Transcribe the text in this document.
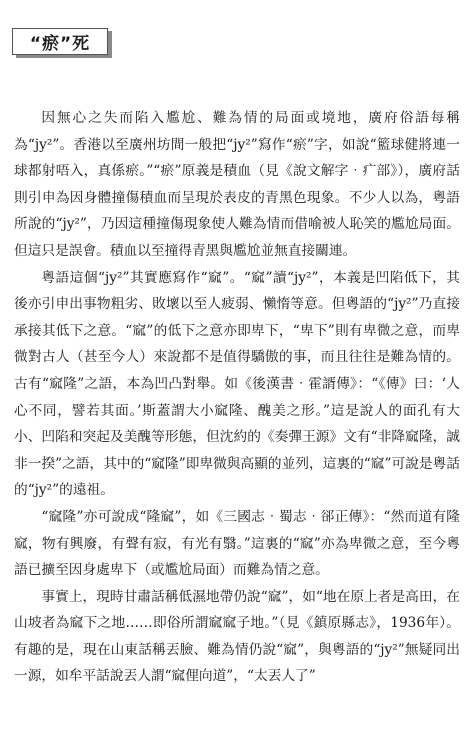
“瘀”死

因無心之失而陷入尷尬、難為情的局面或境地，廣府俗語每稱為“jy²”。香港以至廣州坊間一般把“jy²”寫作“瘀”字，如說“籃球健將連一球都射唔入，真係瘀。”“瘀”原義是積血（見《說文解字‧疒部》），廣府話則引申為因身體撞傷積血而呈現於表皮的青黑色現象。不少人以為，粵語所說的“jy²”，乃因這種撞傷現象使人難為情而借喻被人恥笑的尷尬局面。但這只是誤會。積血以至撞得青黑與尷尬並無直接關連。

粵語這個“jy²”其實應寫作“窳”。“窳”讀“jy²”，本義是凹陷低下，其後亦引申出事物粗劣、敗壞以至人疲弱、懶惰等意。但粵語的“jy²”乃直接承接其低下之意。“窳”的低下之意亦即卑下，“卑下”則有卑微之意，而卑微對古人（甚至今人）來說都不是值得驕傲的事，而且往往是難為情的。古有“窳隆”之語，本為凹凸對舉。如《後漢書‧霍諝傳》：“《傳》曰：‘人心不同，譬若其面。’斯蓋謂大小窳隆、醜美之形。”這是說人的面孔有大小、凹陷和突起及美醜等形態，但沈約的《奏彈王源》文有“非降窳隆，誠非一揆”之語，其中的“窳隆”即卑微與高顯的並列，這裏的“窳”可說是粵話的“jy²”的遠祖。

“窳隆”亦可說成“隆窳”，如《三國志‧蜀志‧郤正傳》：“然而道有隆窳，物有興廢，有聲有寂，有光有翳。”這裏的“窳”亦為卑微之意，至今粵語已擴至因身處卑下（或尷尬局面）而難為情之意。

事實上，現時甘肅話稱低濕地帶仍說“窳”，如“地在原上者是高田，在山坡者為窳下之地……即俗所謂窳窳子地。”（見《鎮原縣志》，1936年）。有趣的是，現在山東話稱丟臉、難為情仍說“窳”，與粵語的“jy²”無疑同出一源，如牟平話說丟人謂“窳俚向道”，“太丟人了”
